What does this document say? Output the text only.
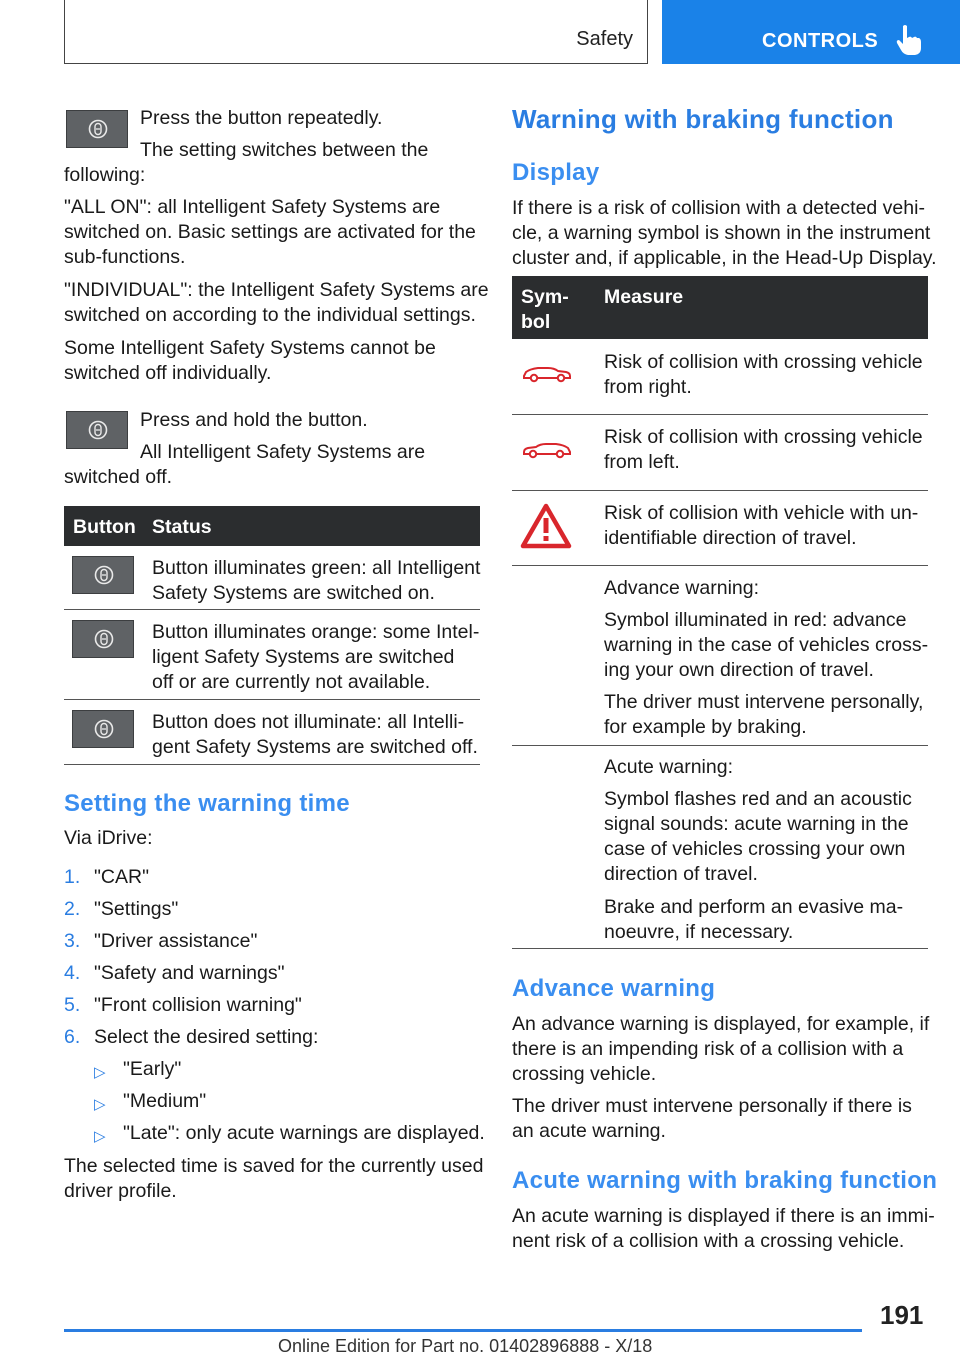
Safety	CONTROLS
Press the button repeatedly.
The setting switches between the
following:
"ALL ON": all Intelligent Safety Systems are
switched on. Basic settings are activated for the
sub-functions.
"INDIVIDUAL": the Intelligent Safety Systems are
switched on according to the individual settings.
Some Intelligent Safety Systems cannot be
switched off individually.
Press and hold the button.
All Intelligent Safety Systems are
switched off.
Button Status
Button illuminates green: all Intelligent
Safety Systems are switched on.
Button illuminates orange: some Intel-
ligent Safety Systems are switched
off or are currently not available.
Button does not illuminate: all Intelli-
gent Safety Systems are switched off.
Setting the warning time
Via iDrive:
1. "CAR"
2. "Settings"
3. "Driver assistance"
4. "Safety and warnings"
5. "Front collision warning"
6. Select the desired setting:
▷ "Early"
▷ "Medium"
▷ "Late": only acute warnings are displayed.
The selected time is saved for the currently used
driver profile.
Warning with braking function
Display
If there is a risk of collision with a detected vehi-
cle, a warning symbol is shown in the instrument
cluster and, if applicable, in the Head-Up Display.
Sym-
bol
Measure
Risk of collision with crossing vehicle
from right.
Risk of collision with crossing vehicle
from left.
Risk of collision with vehicle with un-
identifiable direction of travel.
Advance warning:
Symbol illuminated in red: advance
warning in the case of vehicles cross-
ing your own direction of travel.
The driver must intervene personally,
for example by braking.
Acute warning:
Symbol flashes red and an acoustic
signal sounds: acute warning in the
case of vehicles crossing your own
direction of travel.
Brake and perform an evasive ma-
noeuvre, if necessary.
Advance warning
An advance warning is displayed, for example, if
there is an impending risk of a collision with a
crossing vehicle.
The driver must intervene personally if there is
an acute warning.
Acute warning with braking function
An acute warning is displayed if there is an immi-
nent risk of a collision with a crossing vehicle.
191
Online Edition for Part no. 01402896888 - X/18
